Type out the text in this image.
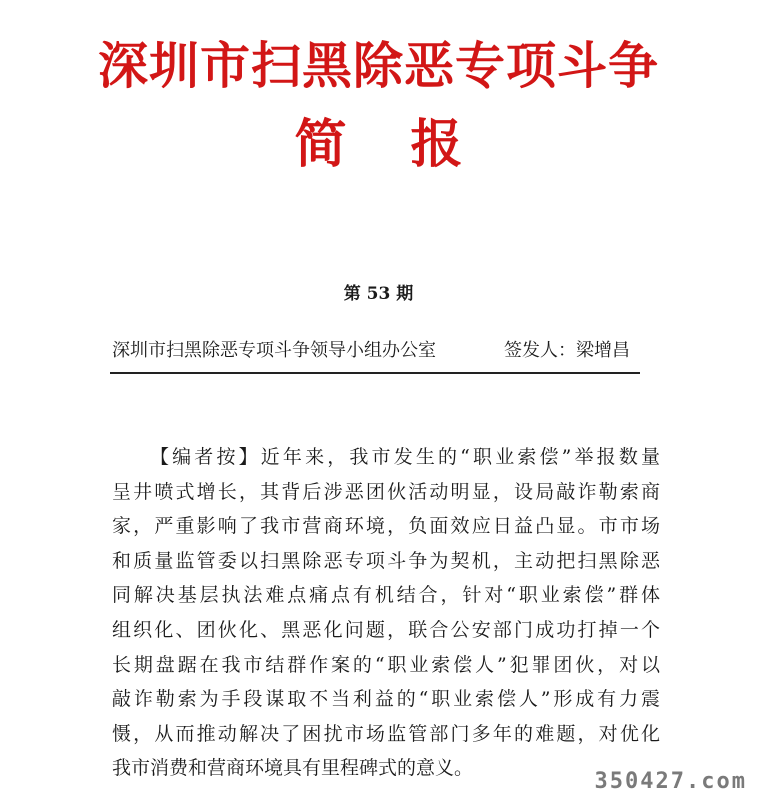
深圳市扫黑除恶专项斗争
简报
第 53 期
深圳市扫黑除恶专项斗争领导小组办公室	签发人：梁增昌
【编者按】近年来，我市发生的“职业索偿”举报数量
呈井喷式增长，其背后涉恶团伙活动明显，设局敲诈勒索商
家，严重影响了我市营商环境，负面效应日益凸显。市市场
和质量监管委以扫黑除恶专项斗争为契机，主动把扫黑除恶
同解决基层执法难点痛点有机结合，针对“职业索偿”群体
组织化、团伙化、黑恶化问题，联合公安部门成功打掉一个
长期盘踞在我市结群作案的“职业索偿人”犯罪团伙，对以
敲诈勒索为手段谋取不当利益的“职业索偿人”形成有力震
慑，从而推动解决了困扰市场监管部门多年的难题，对优化
我市消费和营商环境具有里程碑式的意义。
350427.com
